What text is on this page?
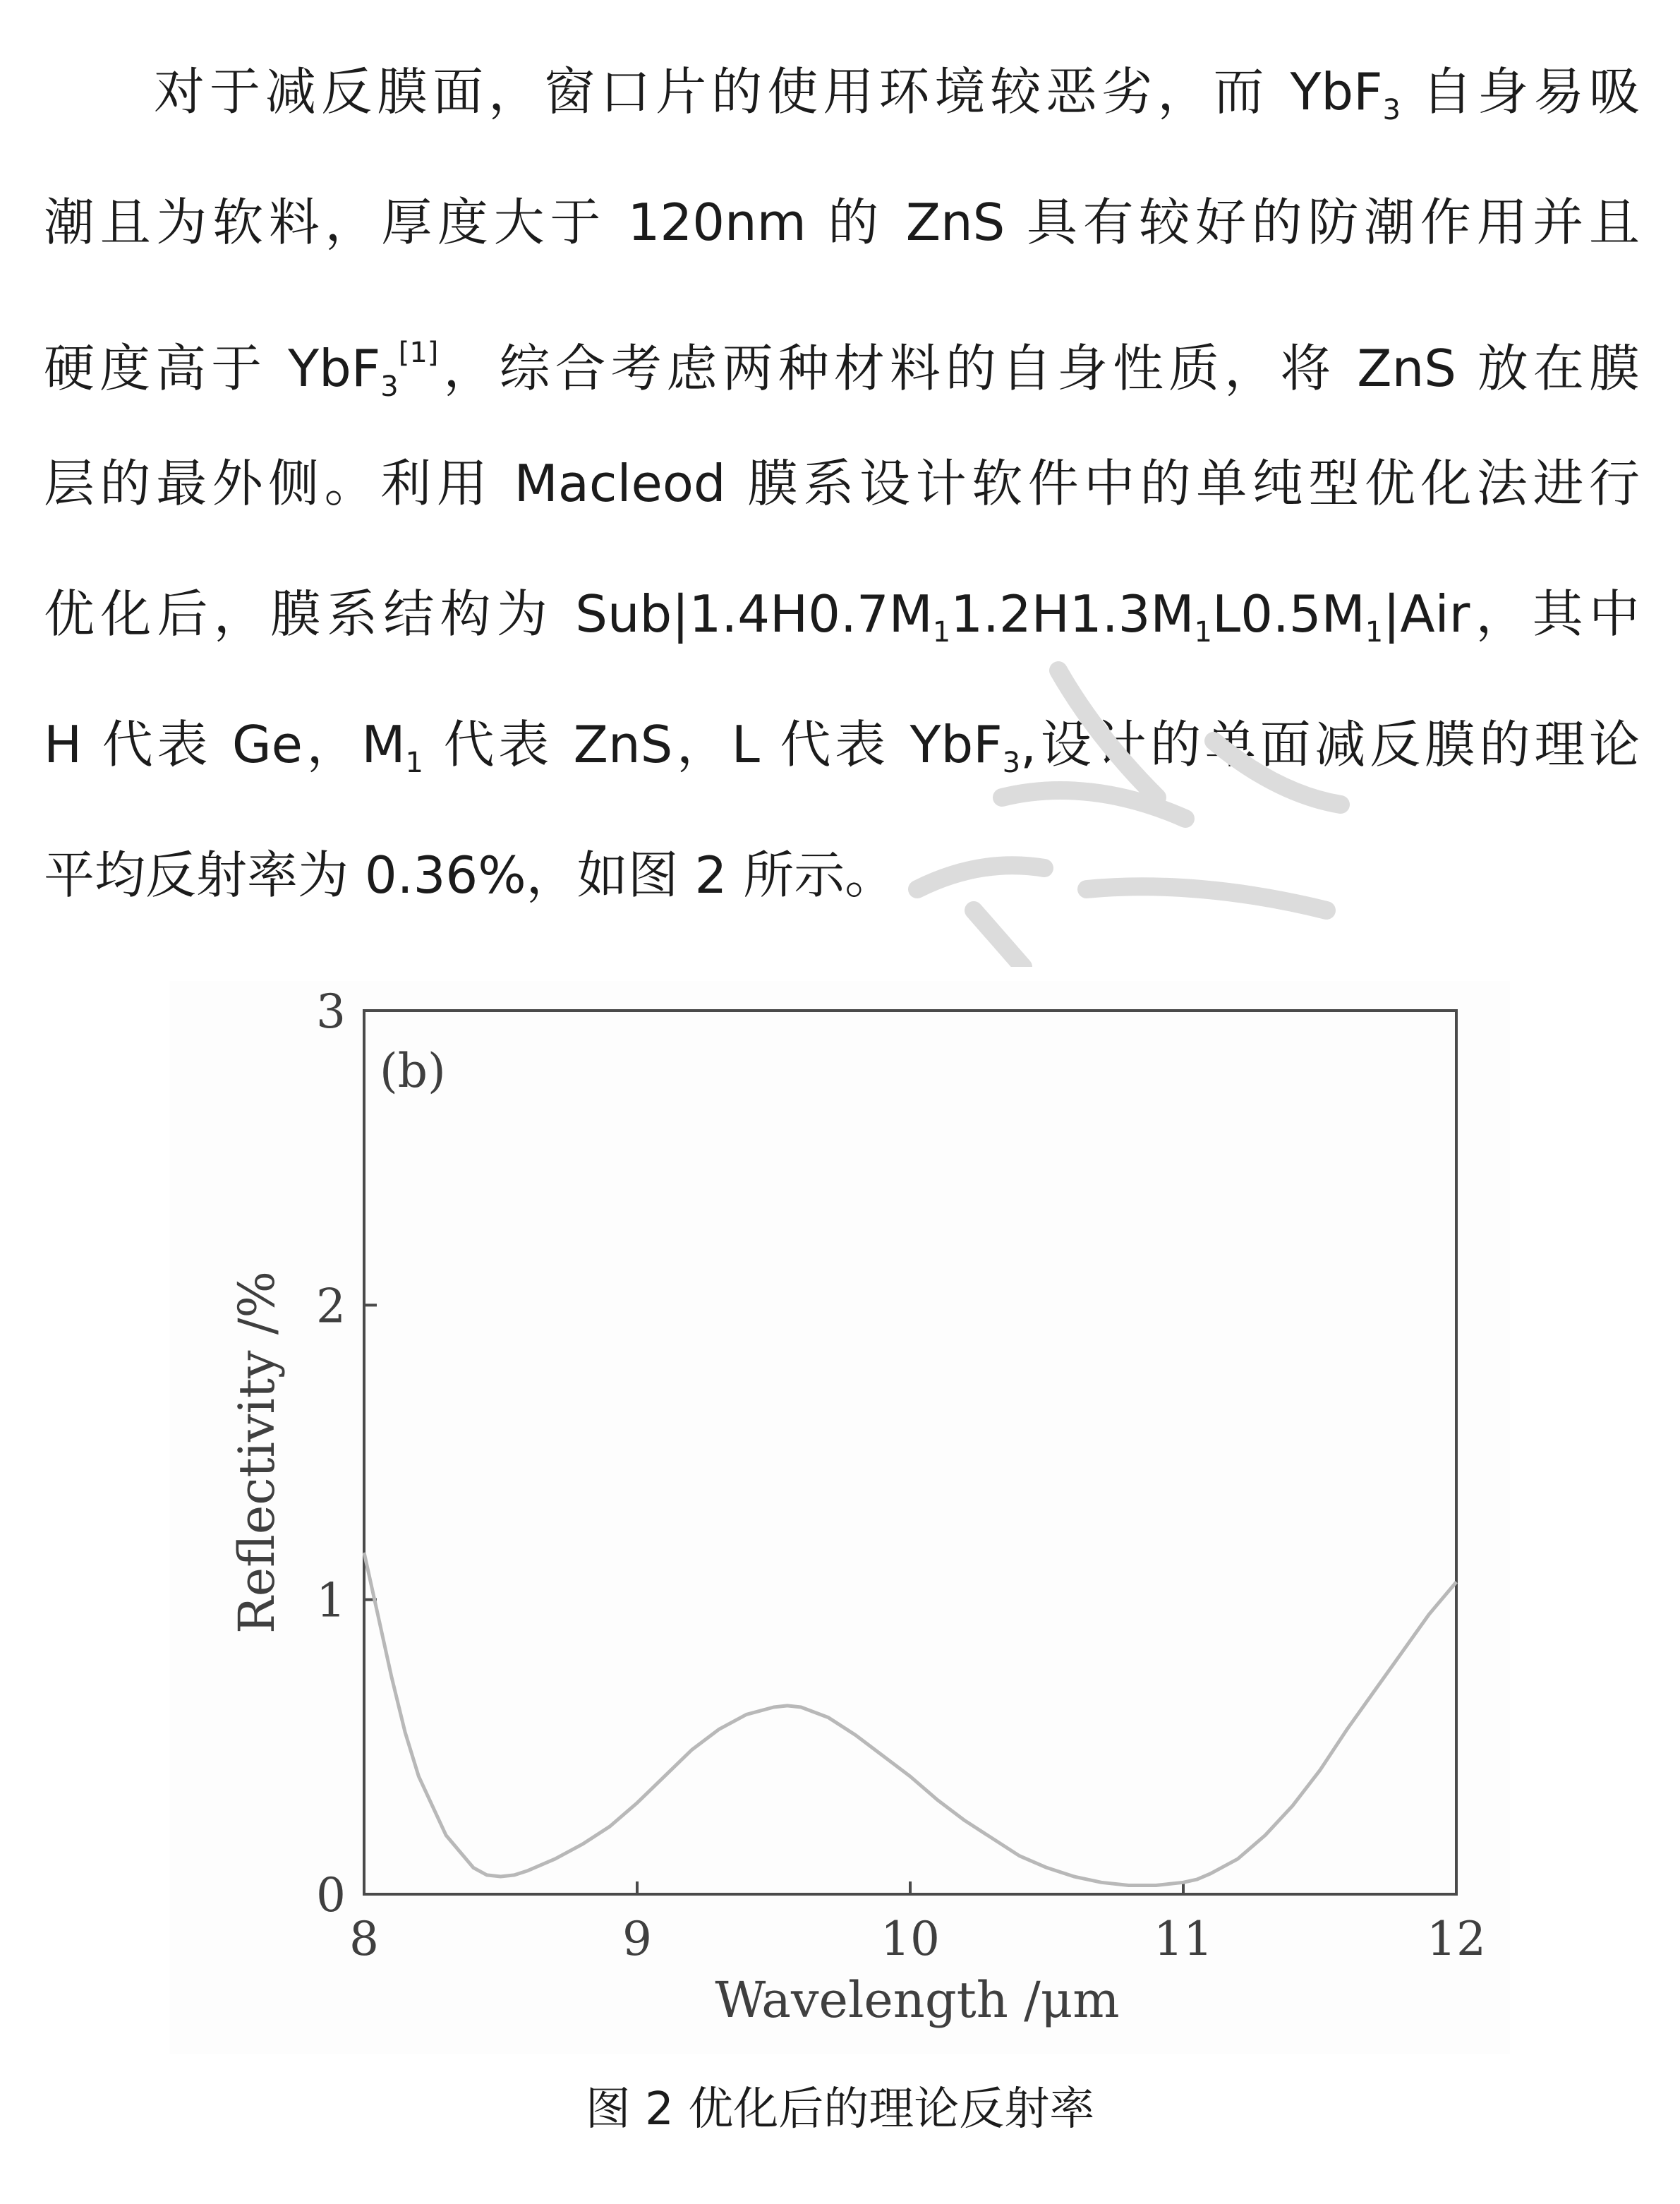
对于减反膜面，窗口片的使用环境较恶劣，而 YbF$_3$ 自身易吸
潮且为软料，厚度大于 120nm 的 ZnS 具有较好的防潮作用并且
硬度高于 YbF$_3$[1]，综合考虑两种材料的自身性质，将 ZnS 放在膜
层的最外侧。利用 Macleod 膜系设计软件中的单纯型优化法进行
优化后，膜系结构为 $Sub|1.4H0.7M_11.2H1.3M_1L0.5M_1|Air$，其中
H 代表 Ge，$M_1$ 代表 ZnS，L 代表 YbF$_3$,设计的单面减反膜的理论
平均反射率为 0.36%，如图 2 所示。
(b)
Wavelength /μm
Reflectivity /%
8	9	10	11	12
0
1
2
3
图 2 优化后的理论反射率
